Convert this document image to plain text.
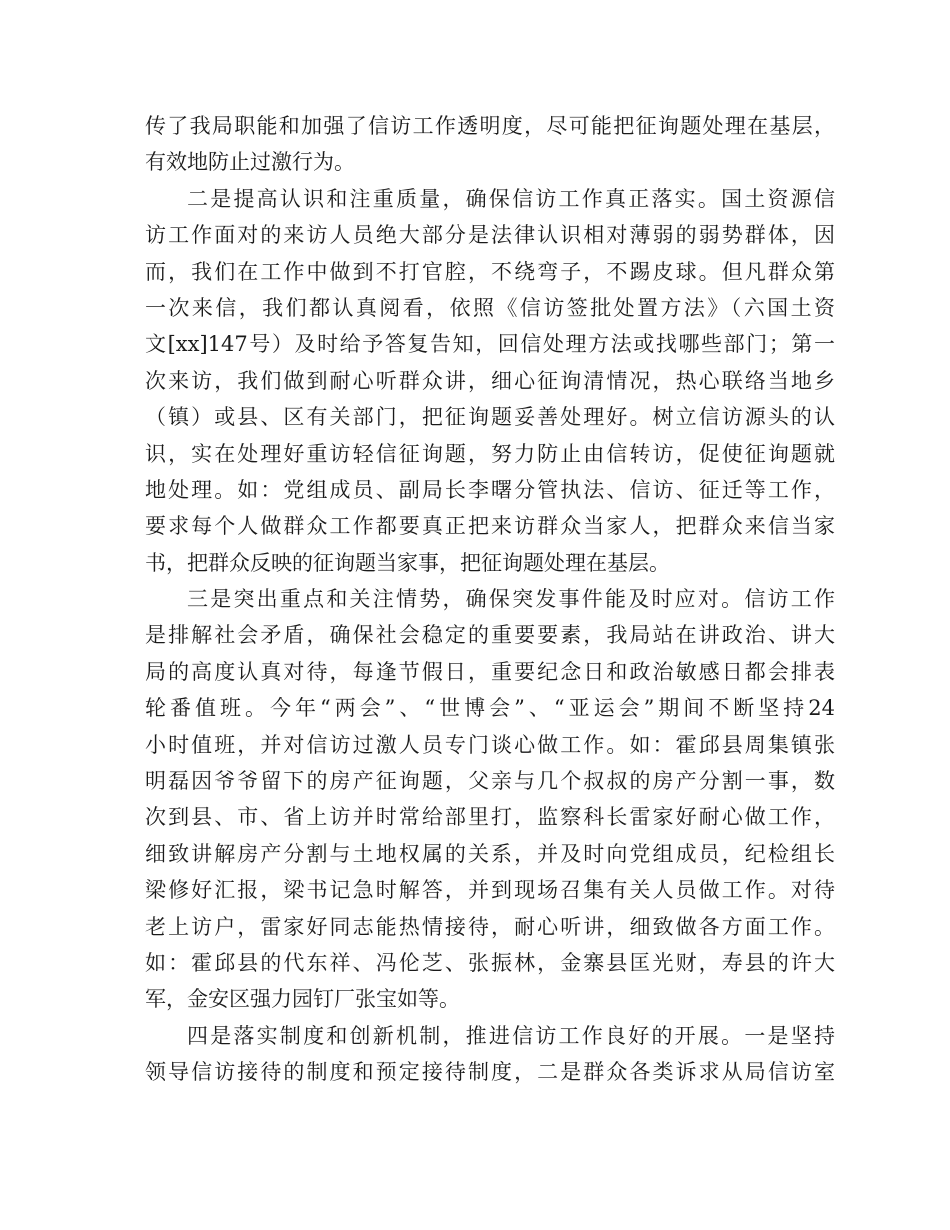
传了我局职能和加强了信访工作透明度，尽可能把征询题处理在基层，
有效地防止过激行为。
二是提高认识和注重质量，确保信访工作真正落实。国土资源信
访工作面对的来访人员绝大部分是法律认识相对薄弱的弱势群体，因
而，我们在工作中做到不打官腔，不绕弯子，不踢皮球。但凡群众第
一次来信，我们都认真阅看，依照《信访签批处置方法》（六国土资
文[xx]147号）及时给予答复告知，回信处理方法或找哪些部门；第一
次来访，我们做到耐心听群众讲，细心征询清情况，热心联络当地乡
（镇）或县、区有关部门，把征询题妥善处理好。树立信访源头的认
识，实在处理好重访轻信征询题，努力防止由信转访，促使征询题就
地处理。如：党组成员、副局长李曙分管执法、信访、征迁等工作，
要求每个人做群众工作都要真正把来访群众当家人，把群众来信当家
书，把群众反映的征询题当家事，把征询题处理在基层。
三是突出重点和关注情势，确保突发事件能及时应对。信访工作
是排解社会矛盾，确保社会稳定的重要要素，我局站在讲政治、讲大
局的高度认真对待，每逢节假日，重要纪念日和政治敏感日都会排表
轮番值班。今年“两会”、“世博会”、“亚运会”期间不断坚持24
小时值班，并对信访过激人员专门谈心做工作。如：霍邱县周集镇张
明磊因爷爷留下的房产征询题，父亲与几个叔叔的房产分割一事，数
次到县、市、省上访并时常给部里打，监察科长雷家好耐心做工作，
细致讲解房产分割与土地权属的关系，并及时向党组成员，纪检组长
梁修好汇报，梁书记急时解答，并到现场召集有关人员做工作。对待
老上访户，雷家好同志能热情接待，耐心听讲，细致做各方面工作。
如：霍邱县的代东祥、冯伦芝、张振林，金寨县匡光财，寿县的许大
军，金安区强力园钉厂张宝如等。
四是落实制度和创新机制，推进信访工作良好的开展。一是坚持
领导信访接待的制度和预定接待制度，二是群众各类诉求从局信访室
